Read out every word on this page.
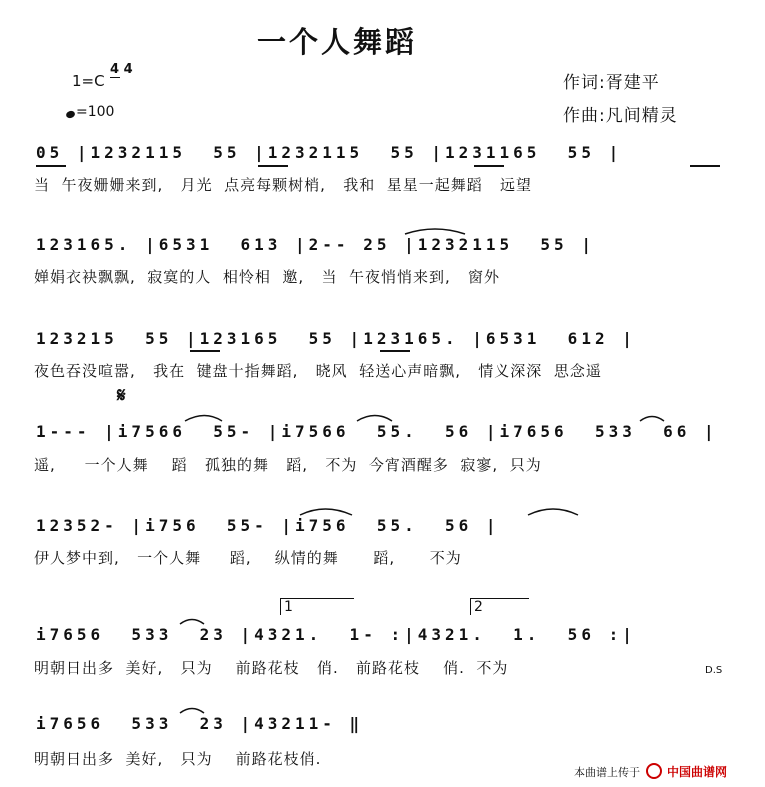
一个人舞蹈
1=C
4 4
=100
作词:胥建平
作曲:凡间精灵
05 |1232115  55 |1232115  55 |1231165  55 |
当  午夜姗姗来到,   月光  点亮每颗树梢,   我和  星星一起舞蹈   远望
123165. |6531  613 |2-- 25 |1232115  55 |
婵娟衣袂飘飘,  寂寞的人  相怜相  邀,   当  午夜悄悄来到,   窗外
123215  55 |123165  55 |123165. |6531  612 |
夜色吞没喧嚣,   我在  键盘十指舞蹈,   晓风  轻送心声暗飘,   情义深深  思念遥
𝄋
1--- |i7566  55- |i7566  55.  56 |i7656  533  66 |
遥,     一个人舞    蹈   孤独的舞   蹈,   不为  今宵酒醒多  寂寥,  只为
12352- |i756  55- |i756  55.  56 |
伊人梦中到,   一个人舞     蹈,    纵情的舞      蹈,      不为
1	2
i7656  533  23 |4321.  1- :|4321.  1.  56 :|
明朝日出多  美好,   只为    前路花枝   俏.   前路花枝    俏.  不为	D.S
i7656  533  23 |43211- ‖
明朝日出多  美好,   只为    前路花枝俏.
本曲谱上传于 中国曲谱网
